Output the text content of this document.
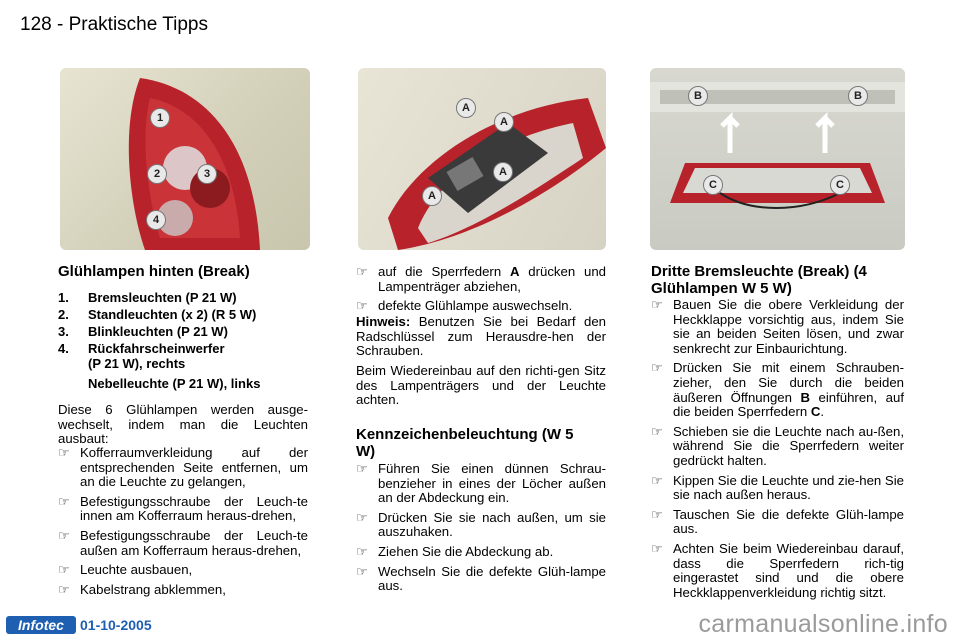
128 - Praktische Tipps
1
2	3
4
A
A
A
A
B	B
C	C
Glühlampen hinten (Break)
1. Bremsleuchten (P 21 W)
2. Standleuchten (x 2) (R 5 W)
3. Blinkleuchten (P 21 W)
4. Rückfahrscheinwerfer
(P 21 W), rechts
Nebelleuchte (P 21 W), links
Diese 6 Glühlampen werden ausge-wechselt, indem man die Leuchten ausbaut:
☞ Kofferraumverkleidung auf der entsprechenden Seite entfernen, um an die Leuchte zu gelangen,
☞ Befestigungsschraube der Leuch-te innen am Kofferraum heraus-drehen,
☞ Befestigungsschraube der Leuch-te außen am Kofferraum heraus-drehen,
☞ Leuchte ausbauen,
☞ Kabelstrang abklemmen,
☞ auf die Sperrfedern A drücken und Lampenträger abziehen,
☞ defekte Glühlampe auswechseln.
Hinweis: Benutzen Sie bei Bedarf den Radschlüssel zum Herausdre-hen der Schrauben.
Beim Wiedereinbau auf den richti-gen Sitz des Lampenträgers und der Leuchte achten.
Kennzeichenbeleuchtung (W 5 W)
☞ Führen Sie einen dünnen Schrau-benzieher in eines der Löcher außen an der Abdeckung ein.
☞ Drücken Sie sie nach außen, um sie auszuhaken.
☞ Ziehen Sie die Abdeckung ab.
☞ Wechseln Sie die defekte Glüh-lampe aus.
Dritte Bremsleuchte (Break) (4 Glühlampen W 5 W)
☞ Bauen Sie die obere Verkleidung der Heckklappe vorsichtig aus, indem Sie sie an beiden Seiten lösen, und zwar senkrecht zur Einbaurichtung.
☞ Drücken Sie mit einem Schrauben-zieher, den Sie durch die beiden äußeren Öffnungen B einführen, auf die beiden Sperrfedern C.
☞ Schieben sie die Leuchte nach au-ßen, während Sie die Sperrfedern weiter gedrückt halten.
☞ Kippen Sie die Leuchte und zie-hen Sie sie nach außen heraus.
☞ Tauschen Sie die defekte Glüh-lampe aus.
☞ Achten Sie beim Wiedereinbau darauf, dass die Sperrfedern rich-tig eingerastet sind und die obere Heckklappenverkleidung richtig sitzt.
Infotec	01-10-2005	carmanualsonline.info
